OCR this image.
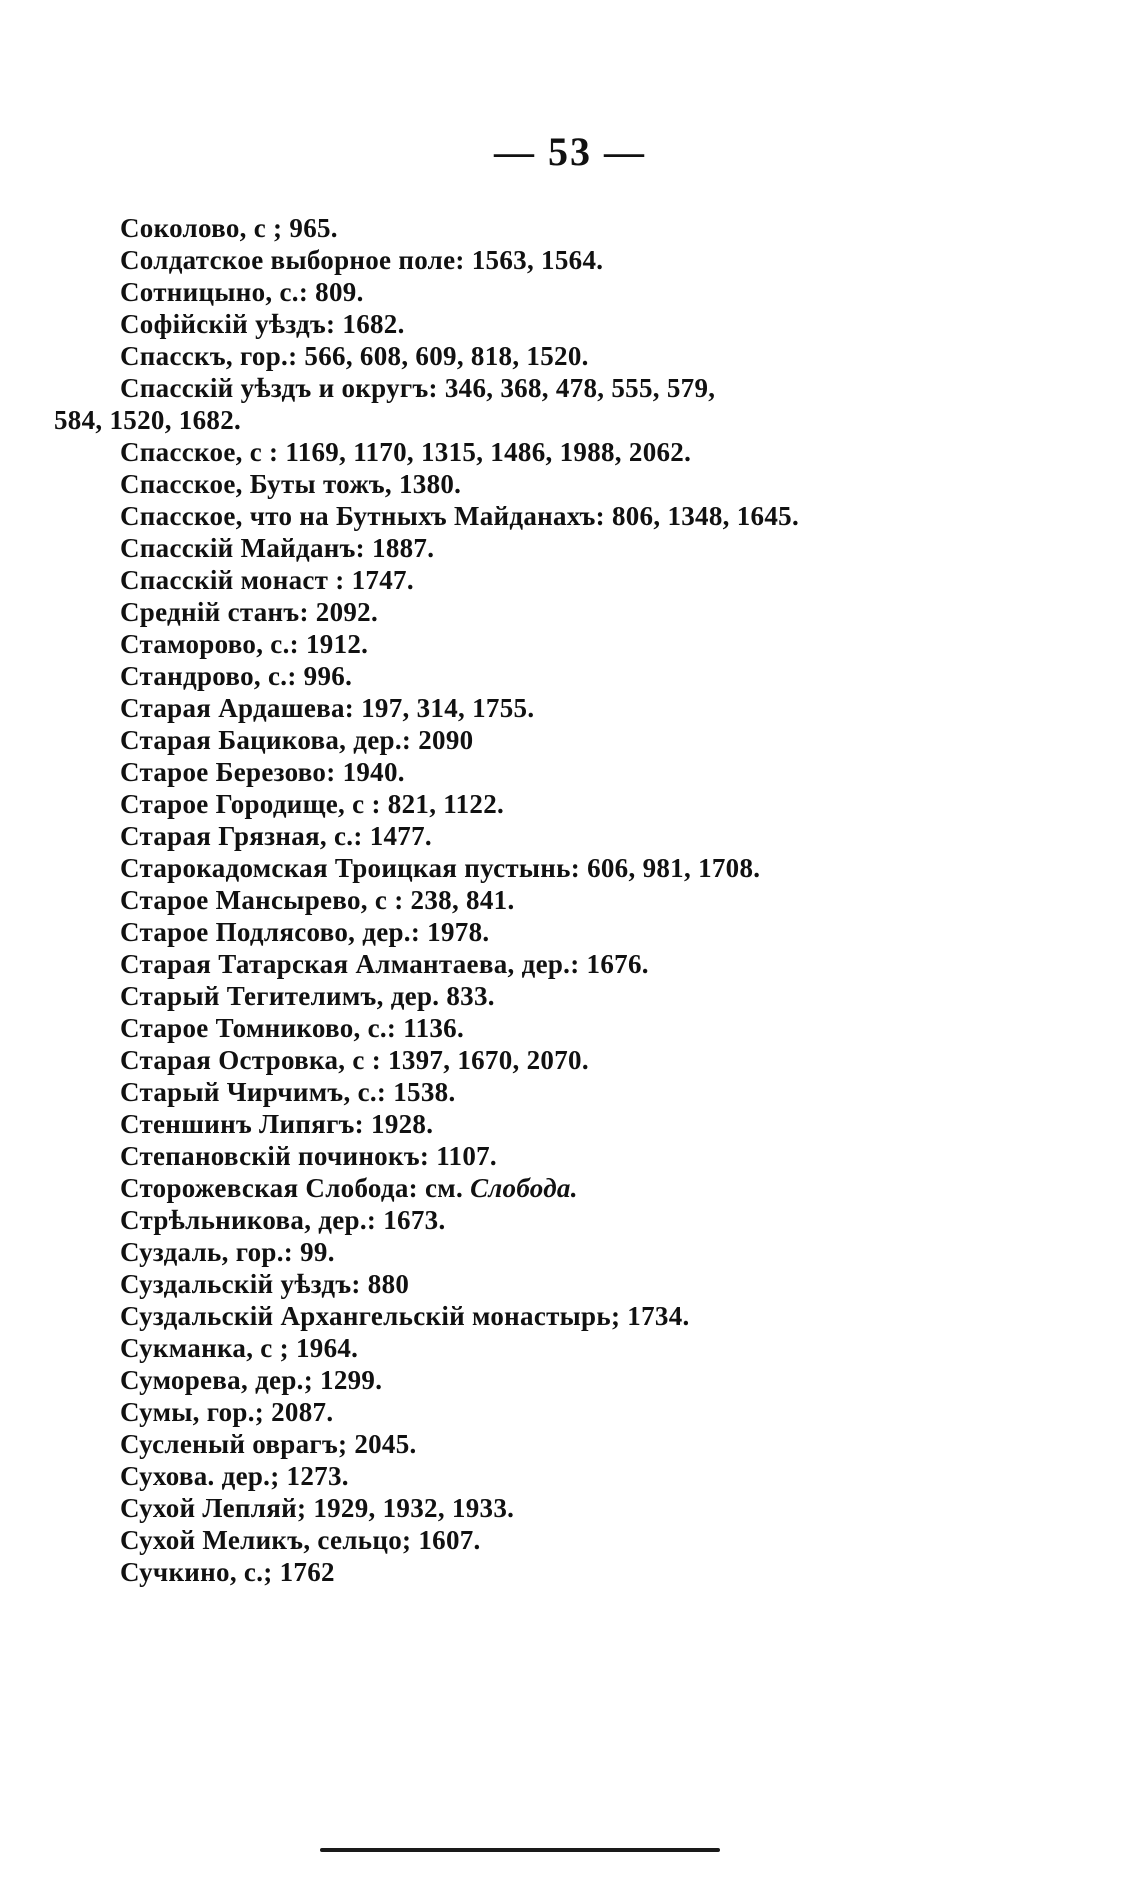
— 53 —
Соколово, с ; 965.
Солдатское выборное поле: 1563, 1564.
Сотницыно, с.: 809.
Софійскій уѣздъ: 1682.
Спасскъ, гор.: 566, 608, 609, 818, 1520.
Спасскій уѣздъ и округъ: 346, 368, 478, 555, 579,
584, 1520, 1682.
Спасское, с : 1169, 1170, 1315, 1486, 1988, 2062.
Спасское, Буты тожъ, 1380.
Спасское, что на Бутныхъ Майданахъ: 806, 1348, 1645.
Спасскій Майданъ: 1887.
Спасскій монаст : 1747.
Средній станъ: 2092.
Стаморово, с.: 1912.
Стандрово, с.: 996.
Старая Ардашева: 197, 314, 1755.
Старая Бацикова, дер.: 2090
Старое Березово: 1940.
Старое Городище, с : 821, 1122.
Старая Грязная, с.: 1477.
Старокадомская Троицкая пустынь: 606, 981, 1708.
Старое Мансырево, с : 238, 841.
Старое Подлясово, дер.: 1978.
Старая Татарская Алмантаева, дер.: 1676.
Старый Тегителимъ, дер. 833.
Старое Томниково, с.: 1136.
Старая Островка, с : 1397, 1670, 2070.
Старый Чирчимъ, с.: 1538.
Стеншинъ Липягъ: 1928.
Степановскій починокъ: 1107.
Сторожевская Слобода: см. Слобода.
Стрѣльникова, дер.: 1673.
Суздаль, гор.: 99.
Суздальскій уѣздъ: 880
Суздальскій Архангельскій монастырь; 1734.
Сукманка, с ; 1964.
Суморева, дер.; 1299.
Сумы, гор.; 2087.
Сусленый оврагъ; 2045.
Сухова. дер.; 1273.
Сухой Лепляй; 1929, 1932, 1933.
Сухой Меликъ, сельцо; 1607.
Сучкино, с.; 1762
